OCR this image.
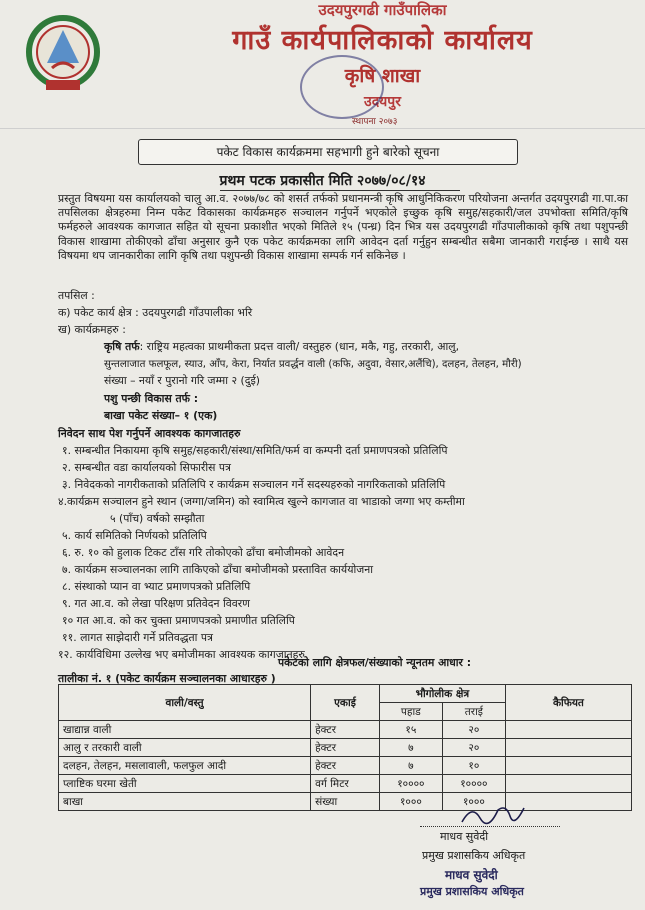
उदयपुरगढी गाउँपालिका
गाउँ कार्यपालिकाको कार्यालय
कृषि शाखा
उदयपुर
स्थापना २०७३
पकेट विकास कार्यक्रममा सहभागी हुने बारेको सूचना
प्रथम पटक प्रकासीत मिति २०७७/०८/१४
प्रस्तुत विषयमा यस कार्यालयको चालु आ.व. २०७७/७८ को शसर्त तर्फको प्रधानमन्त्री कृषि आधुनिकिकरण परियोजना अन्तर्गत उदयपुरगढी गा.पा.का तपसिलका क्षेत्रहरुमा निम्न पकेट विकासका कार्यक्रमहरु सञ्चालन गर्नुपर्ने भएकोले इच्छुक कृषि समुह/सहकारी/जल उपभोक्ता समिति/कृषि फर्महरुले आवश्यक कागजात सहित यो सूचना प्रकाशीत भएको मितिले १५ (पन्ध्र) दिन भित्र यस उदयपुरगढी गाँउपालीकाको कृषि तथा पशुपन्छी विकास शाखामा तोकीएको ढाँचा अनुसार कुनै एक पकेट कार्यक्रमका लागि आवेदन दर्ता गर्नुहुन सम्बन्धीत सबैमा जानकारी गराईन्छ । साथै यस विषयमा थप जानकारीका लागि कृषि तथा पशुपन्छी विकास शाखामा सम्पर्क गर्न सकिनेछ ।
तपसिल :
क) पकेट कार्य क्षेत्र : उदयपुरगढी गाँउपालीका भरि
ख) कार्यक्रमहरु :
कृषि तर्फ: राष्ट्रिय महत्वका प्राथमीकता प्रदत्त वाली/ वस्तुहरु (धान, मकै, गहु, तरकारी, आलु,
सुन्तलाजात फलफूल, स्याउ, आँप, केरा, निर्यात प्रवर्द्धन वाली (कफि, अदुवा, वेसार,अलैंचि), दलहन, तेलहन, मौरी)
संख्या – नयाँ र पुरानो गरि जम्मा २ (दुई)
पशु पन्छी विकास तर्फ :
बाखा पकेट संख्या– १ (एक)
निवेदन साथ पेश गर्नुपर्ने आवश्यक कागजातहरु
१. सम्बन्धीत निकायमा कृषि समुह/सहकारी/संस्था/समिति/फर्म वा कम्पनी दर्ता प्रमाणपत्रको प्रतिलिपि
२. सम्बन्धीत वडा कार्यालयको सिफारीस पत्र
३. निवेदकको नागरीकताको प्रतिलिपि र कार्यक्रम सञ्चालन गर्ने सदस्यहरुको नागरिकताको प्रतिलिपि
४.कार्यक्रम सञ्चालन हुने स्थान (जग्गा/जमिन) को स्वामित्व खुल्ने कागजात वा भाडाको जग्गा भए कम्तीमा
५ (पाँच) वर्षको सम्झौता
५. कार्य समितिको निर्णयको प्रतिलिपि
६. रु. १० को हुलाक टिकट टाँस गरि तोकोएको ढाँचा बमोजीमको आवेदन
७. कार्यक्रम सञ्चालनका लागि ताकिएको ढाँचा बमोजीमको प्रस्तावित कार्ययोजना
८. संस्थाको प्यान वा भ्याट प्रमाणपत्रको प्रतिलिपि
९. गत आ.व. को लेखा परिक्षण प्रतिवेदन विवरण
१० गत आ.व. को कर चुक्ता प्रमाणपत्रको प्रमाणीत प्रतिलिपि
११. लागत साझेदारी गर्ने प्रतिवद्धता पत्र
१२. कार्यविधिमा उल्लेख भए बमोजीमका आवश्यक कागजातहरु
पकेटको लागि क्षेत्रफल/संख्याको न्यूनतम आधार :
तालीका नं. १ (पकेट कार्यक्रम सञ्चालनका आधारहरु )
वाली/वस्तु	एकाई	भौगोलीक क्षेत्र		कैफियत
		पहाड	तराई	
खाद्यान्न वाली	हेक्टर	१५	२०	
आलु र तरकारी वाली	हेक्टर	७	२०	
दलहन, तेलहन, मसलावाली, फलफुल आदी	हेक्टर	७	१०	
प्लाष्टिक घरमा खेती	वर्ग मिटर	१००००	१००००	
बाखा	संख्या	१०००	१०००	
माधव सुवेदी
प्रमुख प्रशासकिय अधिकृत
माधव सुवेदी
प्रमुख प्रशासकिय अधिकृत
